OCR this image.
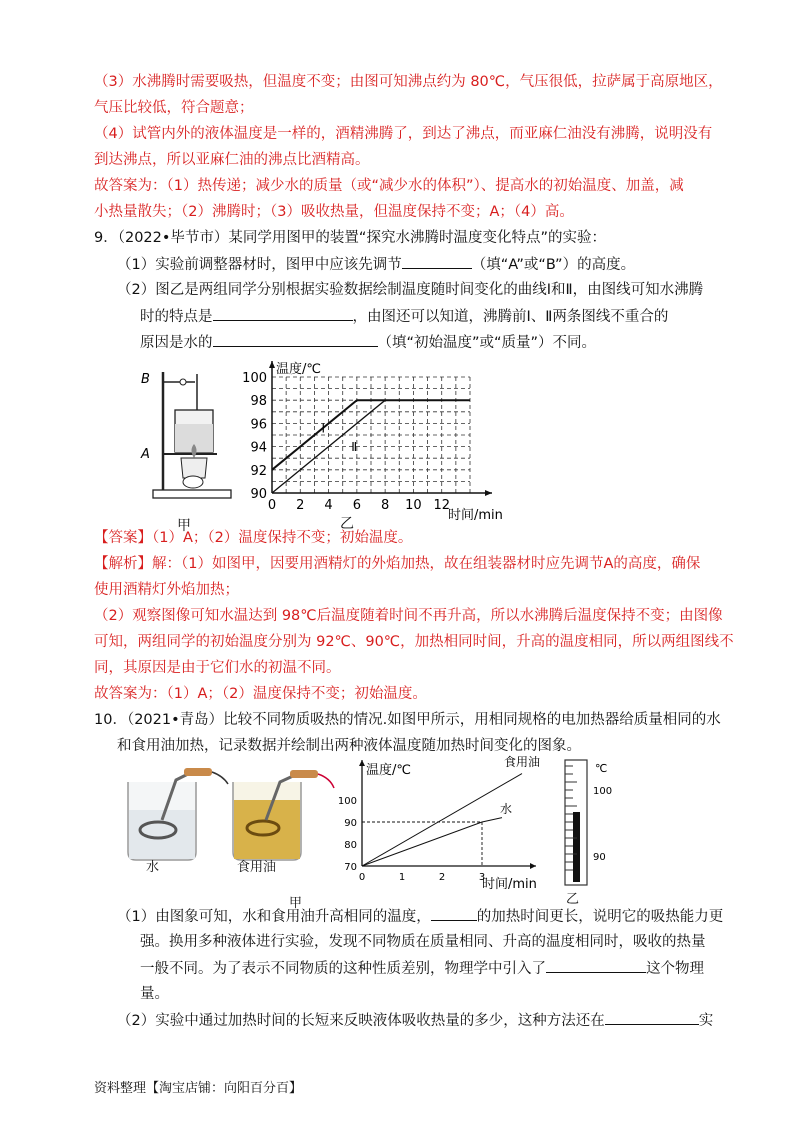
（3）水沸腾时需要吸热，但温度不变；由图可知沸点约为 80℃，气压很低，拉萨属于高原地区，
气压比较低，符合题意；
（4）试管内外的液体温度是一样的，酒精沸腾了，到达了沸点，而亚麻仁油没有沸腾，说明没有
到达沸点，所以亚麻仁油的沸点比酒精高。
故答案为：（1）热传递；减少水的质量（或“减少水的体积”）、提高水的初始温度、加盖，减
小热量散失；（2）沸腾时；（3）吸收热量，但温度保持不变；A；（4）高。
9．（2022•毕节市）某同学用图甲的装置“探究水沸腾时温度变化特点”的实验：
（1）实验前调整器材时，图甲中应该先调节	（填“A”或“B”）的高度。
（2）图乙是两组同学分别根据实验数据绘制温度随时间变化的曲线Ⅰ和Ⅱ，由图线可知水沸腾
时的特点是	，由图还可以知道，沸腾前Ⅰ、Ⅱ两条图线不重合的
原因是水的	（填“初始温度”或“质量”）不同。
B
A
温度/℃
时间/min
90
92
94
96
98
100
0 2 4 6 8 10 12
Ⅰ
Ⅱ
甲	乙
【答案】（1）A；（2）温度保持不变；初始温度。
【解析】解：（1）如图甲，因要用酒精灯的外焰加热，故在组装器材时应先调节A的高度，确保
使用酒精灯外焰加热；
（2）观察图像可知水温达到 98℃后温度随着时间不再升高，所以水沸腾后温度保持不变；由图像
可知，两组同学的初始温度分别为 92℃、90℃，加热相同时间，升高的温度相同，所以两组图线不
同，其原因是由于它们水的初温不同。
故答案为：（1）A；（2）温度保持不变；初始温度。
10．（2021•青岛）比较不同物质吸热的情况.如图甲所示，用相同规格的电加热器给质量相同的水
和食用油加热，记录数据并绘制出两种液体温度随加热时间变化的图象。
水	食用油
甲
温度/℃
时间/min
70
80
90
100
0	1	2	3
食用油
水
℃
100
90
乙
（1）由图象可知，水和食用油升高相同的温度，	的加热时间更长，说明它的吸热能力更
强。换用多种液体进行实验，发现不同物质在质量相同、升高的温度相同时，吸收的热量
一般不同。为了表示不同物质的这种性质差别，物理学中引入了	这个物理
量。
（2）实验中通过加热时间的长短来反映液体吸收热量的多少，这种方法还在	实
资料整理【淘宝店铺：向阳百分百】
